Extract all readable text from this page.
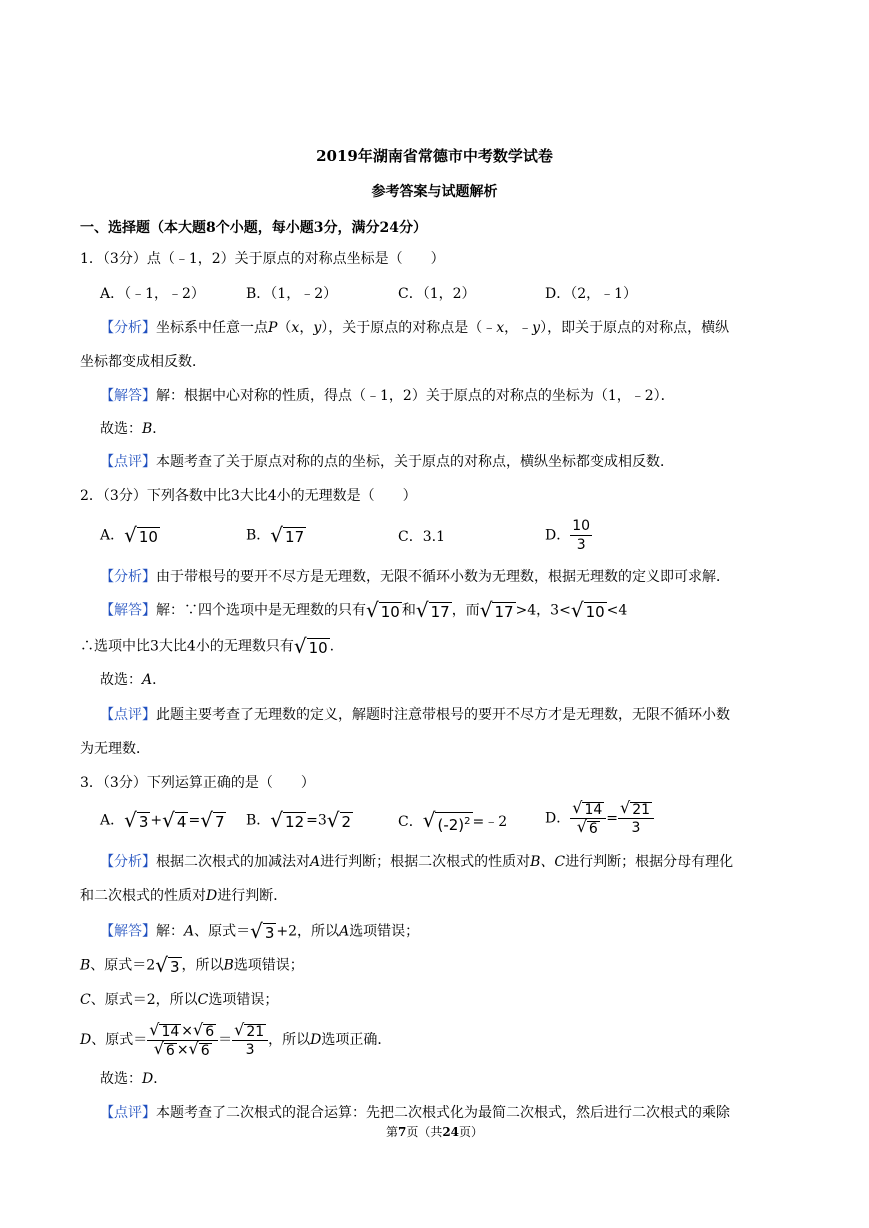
2019年湖南省常德市中考数学试卷
参考答案与试题解析
一、选择题（本大题8个小题，每小题3分，满分24分）
1．（3分）点（﹣1，2）关于原点的对称点坐标是（　　）
A．（﹣1，﹣2）	B．（1，﹣2）	C．（1，2）	D．（2，﹣1）
【分析】坐标系中任意一点P（x，y），关于原点的对称点是（﹣x，﹣y），即关于原点的对称点，横纵
坐标都变成相反数．
【解答】解：根据中心对称的性质，得点（﹣1，2）关于原点的对称点的坐标为（1，﹣2）．
故选：B．
【点评】本题考查了关于原点对称的点的坐标，关于原点的对称点，横纵坐标都变成相反数．
2．（3分）下列各数中比3大比4小的无理数是（　　）
A． √ 10	B． √ 17	C．3.1	D． $\frac{10}{3}$
【分析】由于带根号的要开不尽方是无理数，无限不循环小数为无理数，根据无理数的定义即可求解．
【解答】解：∵四个选项中是无理数的只有 √ 10 和 √ 17 ，而 √ 17 >4，3< √ 10 <4
∴选项中比3大比4小的无理数只有 √ 10 .
故选：A．
【点评】此题主要考查了无理数的定义，解题时注意带根号的要开不尽方才是无理数，无限不循环小数
为无理数．
3．（3分）下列运算正确的是（　　）
A． √ 3 + √ 4 = √ 7 B． √ 12 =3 √ 2	C． √ $(-2)^2$ =﹣2	D． $\frac{√ 14}{√ 6} = \frac{√ 21}{3}$
【分析】根据二次根式的加减法对A进行判断；根据二次根式的性质对B、C进行判断；根据分母有理化
和二次根式的性质对D进行判断．
【解答】解：A、原式＝ √ 3 +2，所以A选项错误；
B、原式＝2 √ 3 ，所以B选项错误；
C、原式＝2，所以C选项错误；
D、原式＝ $\frac{√ 14 \times √ 6}{√ 6 \times √ 6} = \frac{√ 21}{3}$ ，所以D选项正确．
故选：D．
【点评】本题考查了二次根式的混合运算：先把二次根式化为最简二次根式，然后进行二次根式的乘除
第7页（共24页）
